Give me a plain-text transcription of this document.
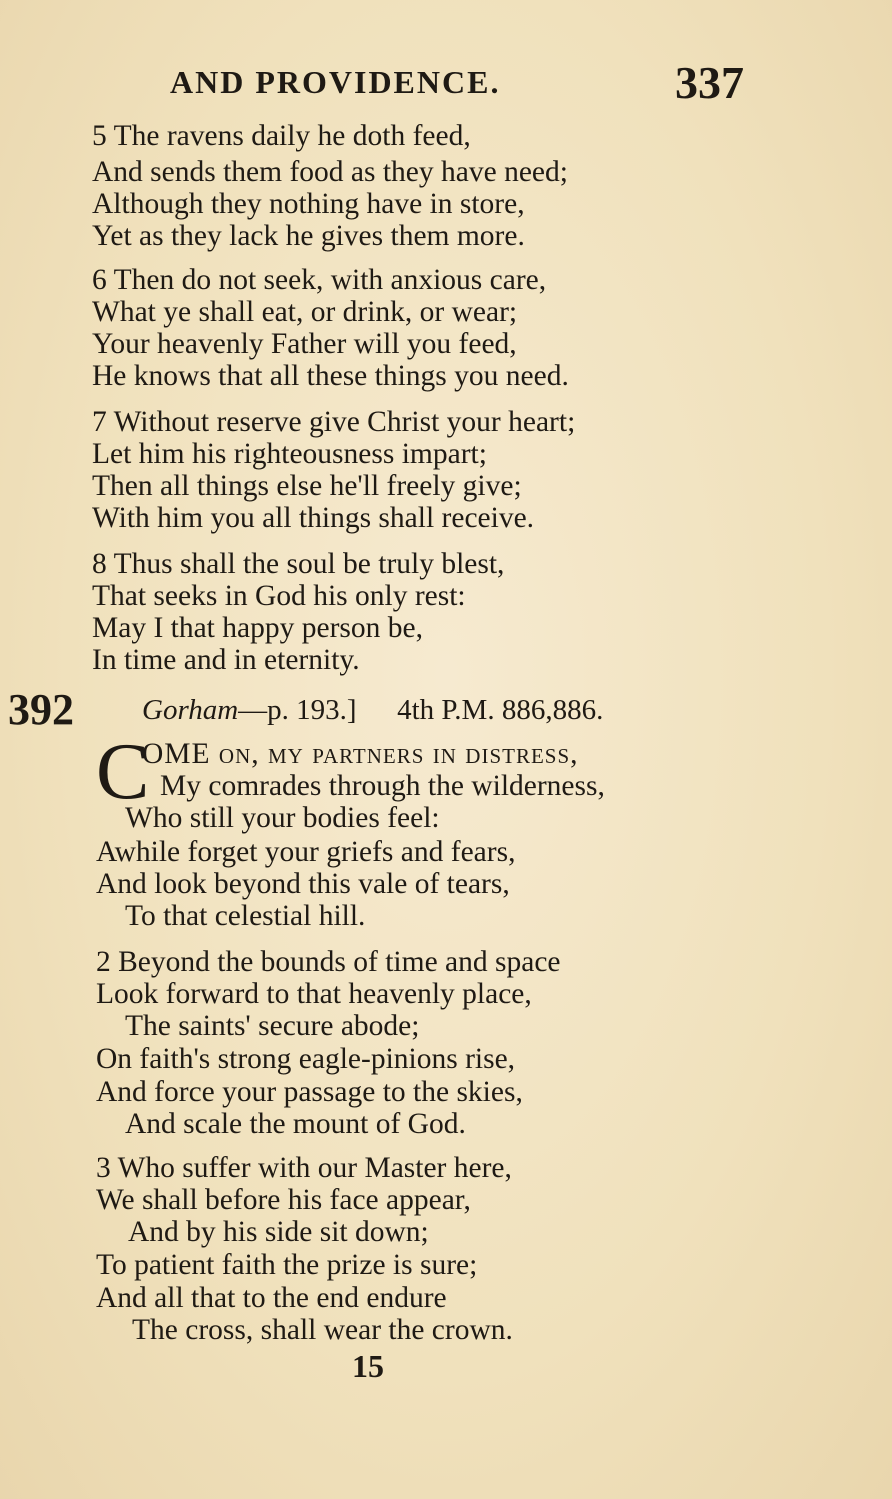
AND PROVIDENCE.	337
5 The ravens daily he doth feed,
And sends them food as they have need;
Although they nothing have in store,
Yet as they lack he gives them more.
6 Then do not seek, with anxious care,
What ye shall eat, or drink, or wear;
Your heavenly Father will you feed,
He knows that all these things you need.
7 Without reserve give Christ your heart;
Let him his righteousness impart;
Then all things else he'll freely give;
With him you all things shall receive.
8 Thus shall the soul be truly blest,
That seeks in God his only rest:
May I that happy person be,
In time and in eternity.
392 Gorham—p. 193.] 4th P.M. 886,886.
C
OME on, my partners in distress,
My comrades through the wilderness,
Who still your bodies feel:
Awhile forget your griefs and fears,
And look beyond this vale of tears,
To that celestial hill.
2 Beyond the bounds of time and space
Look forward to that heavenly place,
The saints' secure abode;
On faith's strong eagle-pinions rise,
And force your passage to the skies,
And scale the mount of God.
3 Who suffer with our Master here,
We shall before his face appear,
And by his side sit down;
To patient faith the prize is sure;
And all that to the end endure
The cross, shall wear the crown.
15
